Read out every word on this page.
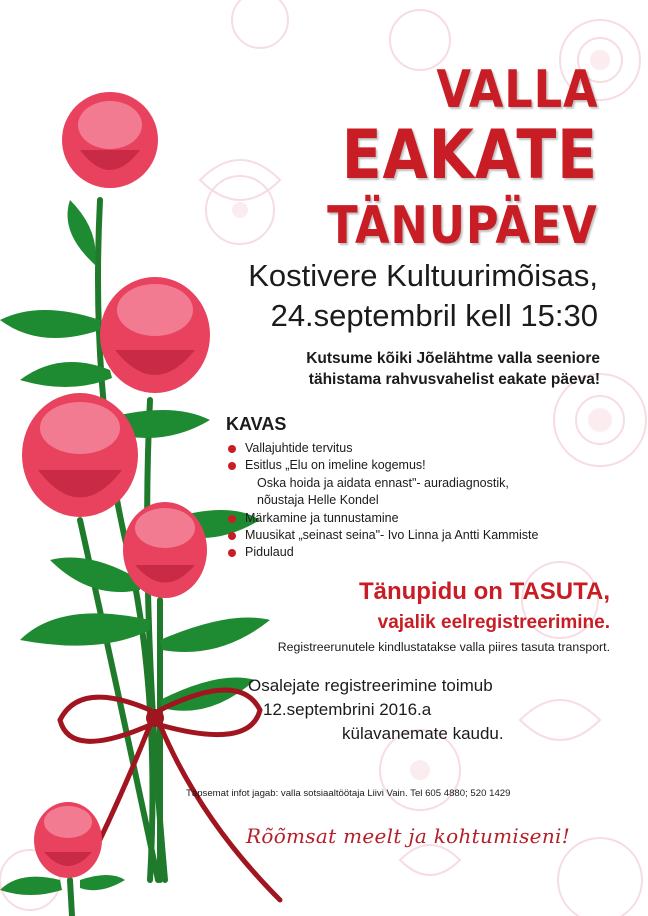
VALLA
EAKATE
TÄNUPÄEV
Kostivere Kultuurimõisas,
24.septembril kell 15:30
Kutsume kõiki Jõelähtme valla seeniore
tähistama rahvusvahelist eakate päeva!
KAVAS
Vallajuhtide tervitus
Esitlus „Elu on imeline kogemus!
Oska hoida ja aidata ennast"- auradiagnostik,
nõustaja Helle Kondel
Märkamine ja tunnustamine
Muusikat „seinast seina"- Ivo Linna ja Antti Kammiste
Pidulaud
Tänupidu on TASUTA,
vajalik eelregistreerimine.
Registreerunutele kindlustatakse valla piires tasuta transport.
Osalejate registreerimine toimub
12.septembrini 2016.a
külavanemate kaudu.
Täpsemat infot jagab: valla sotsiaaltöötaja Liivi Vain. Tel 605 4880; 520 1429
Rõõmsat meelt ja kohtumiseni!
